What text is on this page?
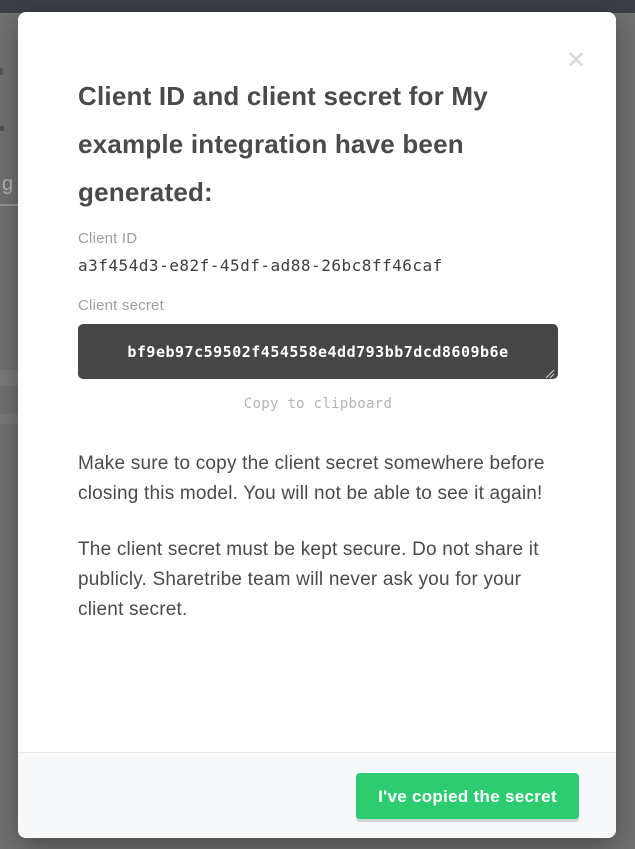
g
✕
Client ID and client secret for My example integration have been generated:
Client ID
a3f454d3-e82f-45df-ad88-26bc8ff46caf
Client secret
bf9eb97c59502f454558e4dd793bb7dcd8609b6e
Copy to clipboard

Make sure to copy the client secret somewhere before closing this model. You will not be able to see it again!

The client secret must be kept secure. Do not share it publicly. Sharetribe team will never ask you for your client secret.

I've copied the secret
